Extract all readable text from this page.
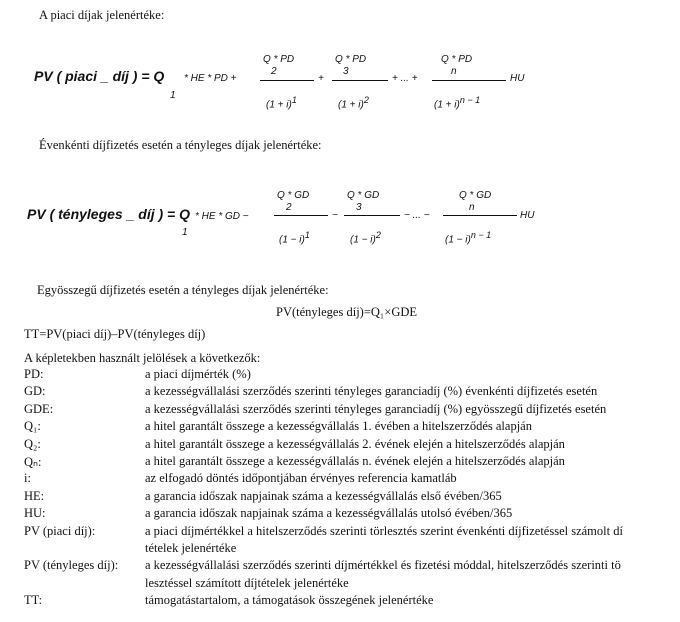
A piaci díjak jelenértéke:
PV ( piaci _ díj ) = Q
1
* HE * PD +
Q * PD
2
$(1 + i)^1$
+
Q * PD
3
$(1 + i)^2$
+ ... +
Q * PD
n
$(1 + i)^{n - 1}$
HU
Évenkénti díjfizetés esetén a tényleges díjak jelenértéke:
PV ( tényleges _ díj ) = Q
1
* HE * GD −
Q * GD
2
$(1 - i)^1$
−
Q * GD
3
$(1 - i)^2$
− ... −
Q * GD
n
$(1 - i)^{n - 1}$
HU
Egyösszegű díjfizetés esetén a tényleges díjak jelenértéke:
PV(tényleges díj)=Q₁×GDE
TT=PV(piaci díj)–PV(tényleges díj)
A képletekben használt jelölések a következők:
PD:	a piaci díjmérték (%)
GD:	a kezességvállalási szerződés szerinti tényleges garanciadíj (%) évenkénti díjfizetés esetén
GDE:	a kezességvállalási szerződés szerinti tényleges garanciadíj (%) egyösszegű díjfizetés esetén
Q₁:	a hitel garantált összege a kezességvállalás 1. évében a hitelszerződés alapján
Q₂:	a hitel garantált összege a kezességvállalás 2. évének elején a hitelszerződés alapján
Qₙ:	a hitel garantált összege a kezességvállalás n. évének elején a hitelszerződés alapján
i:	az elfogadó döntés időpontjában érvényes referencia kamatláb
HE:	a garancia időszak napjainak száma a kezességvállalás első évében/365
HU:	a garancia időszak napjainak száma a kezességvállalás utolsó évében/365
PV (piaci díj):	a piaci díjmértékkel a hitelszerződés szerinti törlesztés szerint évenkénti díjfizetéssel számolt dí
tételek jelenértéke
PV (tényleges díj): a kezességvállalási szerződés szerinti díjmértékkel és fizetési móddal, hitelszerződés szerinti tö
lesztéssel számított díjtételek jelenértéke
TT:	támogatástartalom, a támogatások összegének jelenértéke
